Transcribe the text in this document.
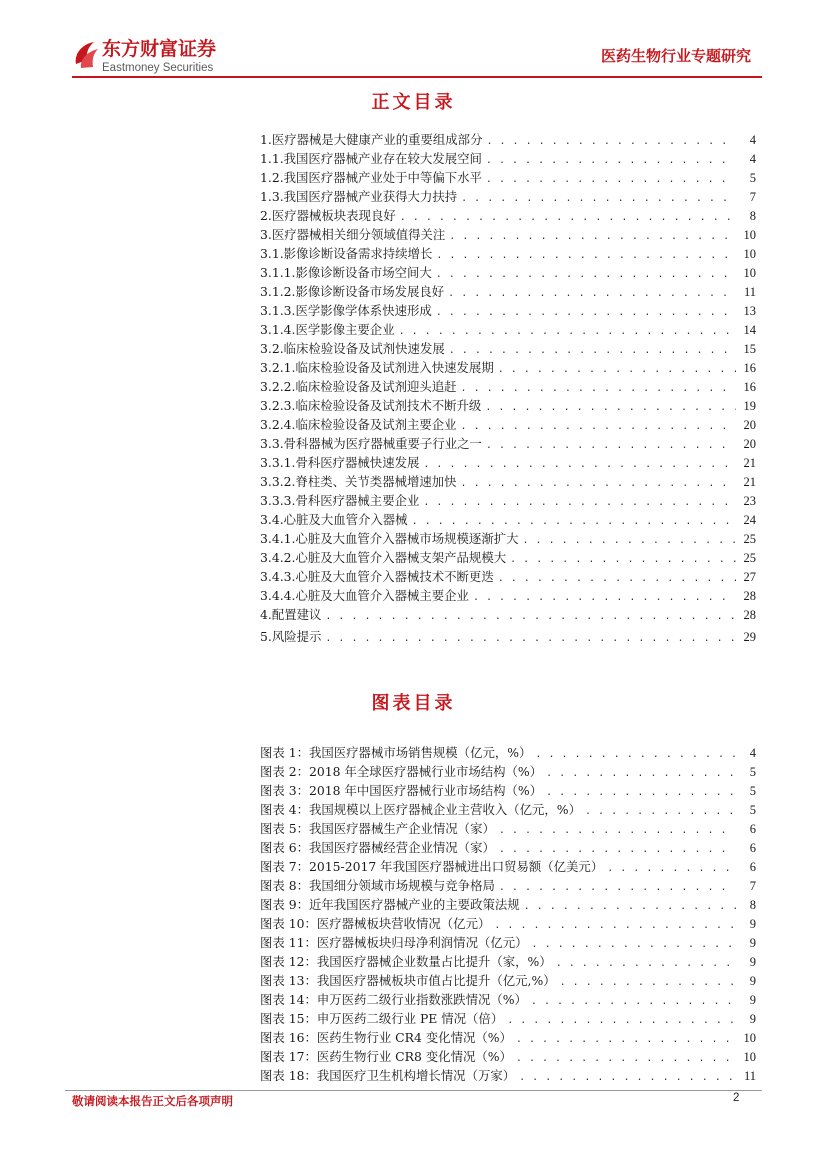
东方财富证券
Eastmoney Securities
医药生物行业专题研究
正文目录
1.医疗器械是大健康产业的重要组成部分 . . .	4
1.1.我国医疗器械产业存在较大发展空间 . . .	4
1.2.我国医疗器械产业处于中等偏下水平 . . .	5
1.3.我国医疗器械产业获得大力扶持 . . .	7
2.医疗器械板块表现良好 . . .	8
3.医疗器械相关细分领域值得关注 . . .	10
3.1.影像诊断设备需求持续增长 . . .	10
3.1.1.影像诊断设备市场空间大 . . .	10
3.1.2.影像诊断设备市场发展良好 . . .	11
3.1.3.医学影像学体系快速形成 . . .	13
3.1.4.医学影像主要企业 . . .	14
3.2.临床检验设备及试剂快速发展 . . .	15
3.2.1.临床检验设备及试剂进入快速发展期 . . .	16
3.2.2.临床检验设备及试剂迎头追赶 . . .	16
3.2.3.临床检验设备及试剂技术不断升级 . . .	19
3.2.4.临床检验设备及试剂主要企业 . . .	20
3.3.骨科器械为医疗器械重要子行业之一 . . .	20
3.3.1.骨科医疗器械快速发展 . . .	21
3.3.2.脊柱类、关节类器械增速加快 . . .	21
3.3.3.骨科医疗器械主要企业 . . .	23
3.4.心脏及大血管介入器械 . . .	24
3.4.1.心脏及大血管介入器械市场规模逐渐扩大 . . .	25
3.4.2.心脏及大血管介入器械支架产品规模大 . . .	25
3.4.3.心脏及大血管介入器械技术不断更迭 . . .	27
3.4.4.心脏及大血管介入器械主要企业 . . .	28
4.配置建议 . . .	28
5.风险提示 . . .	29
图表目录
图表 1：我国医疗器械市场销售规模（亿元，%） . . .	4
图表 2：2018 年全球医疗器械行业市场结构（%） . . .	5
图表 3：2018 年中国医疗器械行业市场结构（%） . . .	5
图表 4：我国规模以上医疗器械企业主营收入（亿元，%） . . .	5
图表 5：我国医疗器械生产企业情况（家） . . .	6
图表 6：我国医疗器械经营企业情况（家） . . .	6
图表 7：2015-2017 年我国医疗器械进出口贸易额（亿美元） . . .	6
图表 8：我国细分领域市场规模与竞争格局 . . .	7
图表 9：近年我国医疗器械产业的主要政策法规 . . .	8
图表 10：医疗器械板块营收情况（亿元） . . .	9
图表 11：医疗器械板块归母净利润情况（亿元） . . .	9
图表 12：我国医疗器械企业数量占比提升（家，%） . . .	9
图表 13：我国医疗器械板块市值占比提升（亿元,%） . . .	9
图表 14：申万医药二级行业指数涨跌情况（%） . . .	9
图表 15：申万医药二级行业 PE 情况（倍） . . .	9
图表 16：医药生物行业 CR4 变化情况（%） . . .	10
图表 17：医药生物行业 CR8 变化情况（%） . . .	10
图表 18：我国医疗卫生机构增长情况（万家） . . .	11
敬请阅读本报告正文后各项声明	2
